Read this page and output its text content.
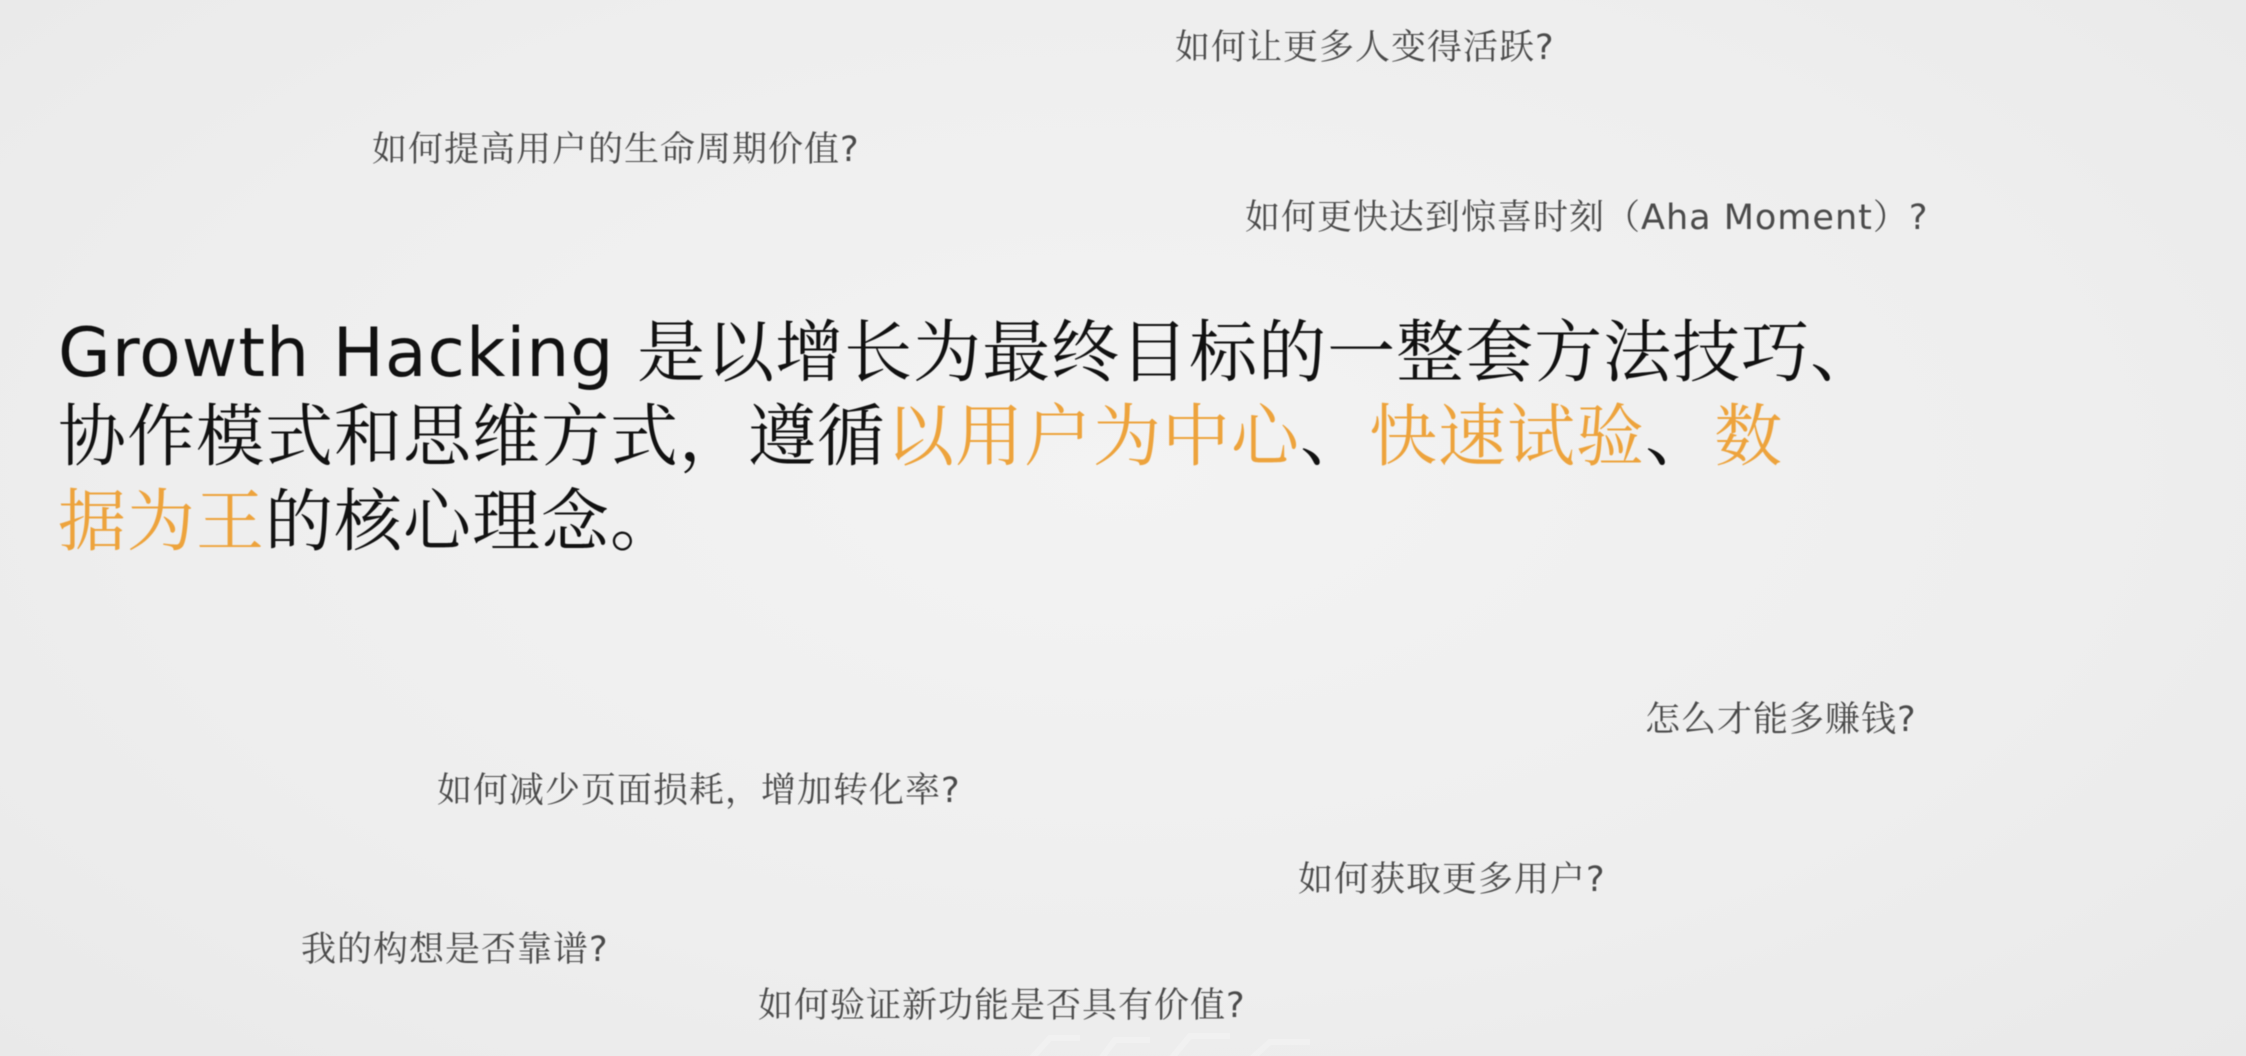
如何让更多人变得活跃?
如何提高用户的生命周期价值?
如何更快达到惊喜时刻（Aha Moment）?
怎么才能多赚钱?
如何减少页面损耗，增加转化率?
如何获取更多用户?
我的构想是否靠谱?
如何验证新功能是否具有价值?
Growth Hacking 是以增长为最终目标的一整套方法技巧、
协作模式和思维方式，遵循以用户为中心、快速试验、数
据为王的核心理念。
